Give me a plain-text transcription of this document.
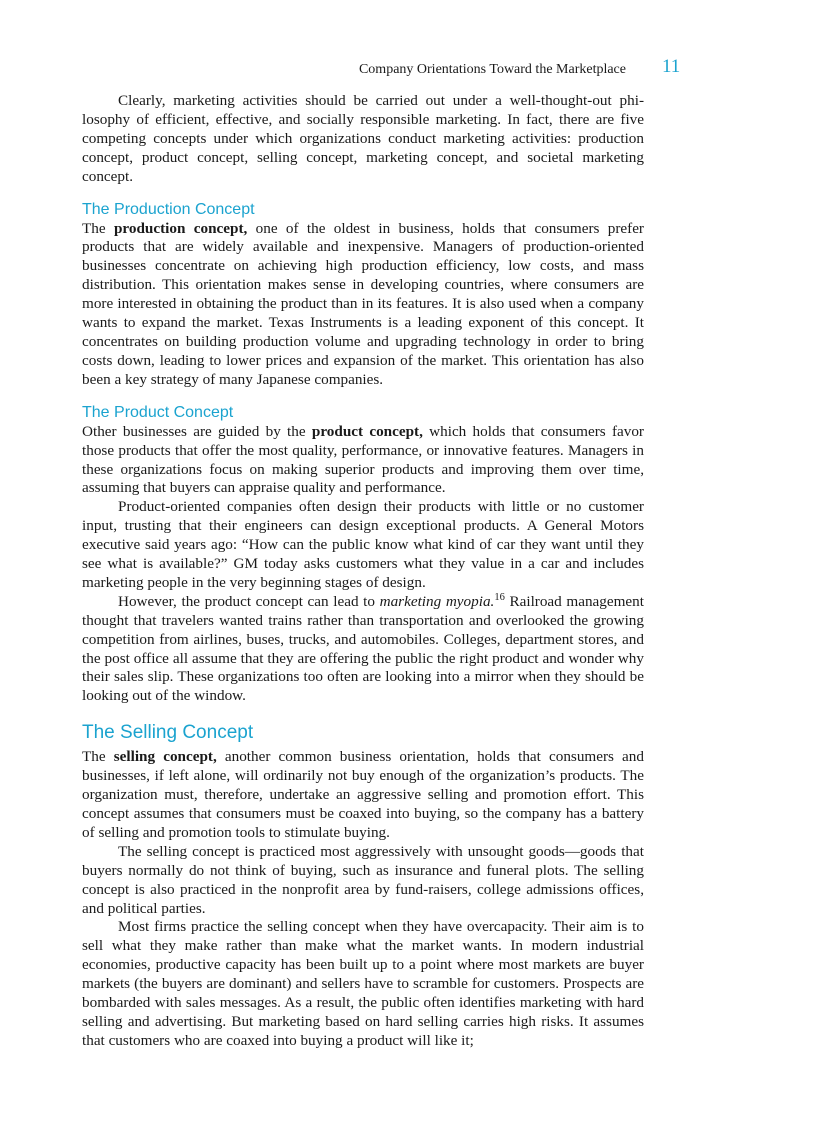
Company Orientations Toward the Marketplace 11

Clearly, marketing activities should be carried out under a well-thought-out philosophy of efficient, effective, and socially responsible marketing. In fact, there are five competing concepts under which organizations conduct marketing activities: production concept, product concept, selling concept, marketing concept, and societal marketing concept.

The Production Concept

The production concept, one of the oldest in business, holds that consumers prefer products that are widely available and inexpensive. Managers of production-oriented businesses concentrate on achieving high production efficiency, low costs, and mass distribution. This orientation makes sense in developing countries, where consumers are more interested in obtaining the product than in its features. It is also used when a company wants to expand the market. Texas Instruments is a leading exponent of this concept. It concentrates on building production volume and upgrading technology in order to bring costs down, leading to lower prices and expansion of the market. This orientation has also been a key strategy of many Japanese companies.

The Product Concept

Other businesses are guided by the product concept, which holds that consumers favor those products that offer the most quality, performance, or innovative features. Managers in these organizations focus on making superior products and improving them over time, assuming that buyers can appraise quality and performance.

Product-oriented companies often design their products with little or no customer input, trusting that their engineers can design exceptional products. A General Motors executive said years ago: “How can the public know what kind of car they want until they see what is available?” GM today asks customers what they value in a car and includes marketing people in the very beginning stages of design.

However, the product concept can lead to marketing myopia.$^{16}$ Railroad management thought that travelers wanted trains rather than transportation and overlooked the growing competition from airlines, buses, trucks, and automobiles. Colleges, department stores, and the post office all assume that they are offering the public the right product and wonder why their sales slip. These organizations too often are looking into a mirror when they should be looking out of the window.

The Selling Concept

The selling concept, another common business orientation, holds that consumers and businesses, if left alone, will ordinarily not buy enough of the organization’s products. The organization must, therefore, undertake an aggressive selling and promotion effort. This concept assumes that consumers must be coaxed into buying, so the company has a battery of selling and promotion tools to stimulate buying.

The selling concept is practiced most aggressively with unsought goods—goods that buyers normally do not think of buying, such as insurance and funeral plots. The selling concept is also practiced in the nonprofit area by fund-raisers, college admissions offices, and political parties.

Most firms practice the selling concept when they have overcapacity. Their aim is to sell what they make rather than make what the market wants. In modern industrial economies, productive capacity has been built up to a point where most markets are buyer markets (the buyers are dominant) and sellers have to scramble for customers. Prospects are bombarded with sales messages. As a result, the public often identifies marketing with hard selling and advertising. But marketing based on hard selling carries high risks. It assumes that customers who are coaxed into buying a product will like it;
